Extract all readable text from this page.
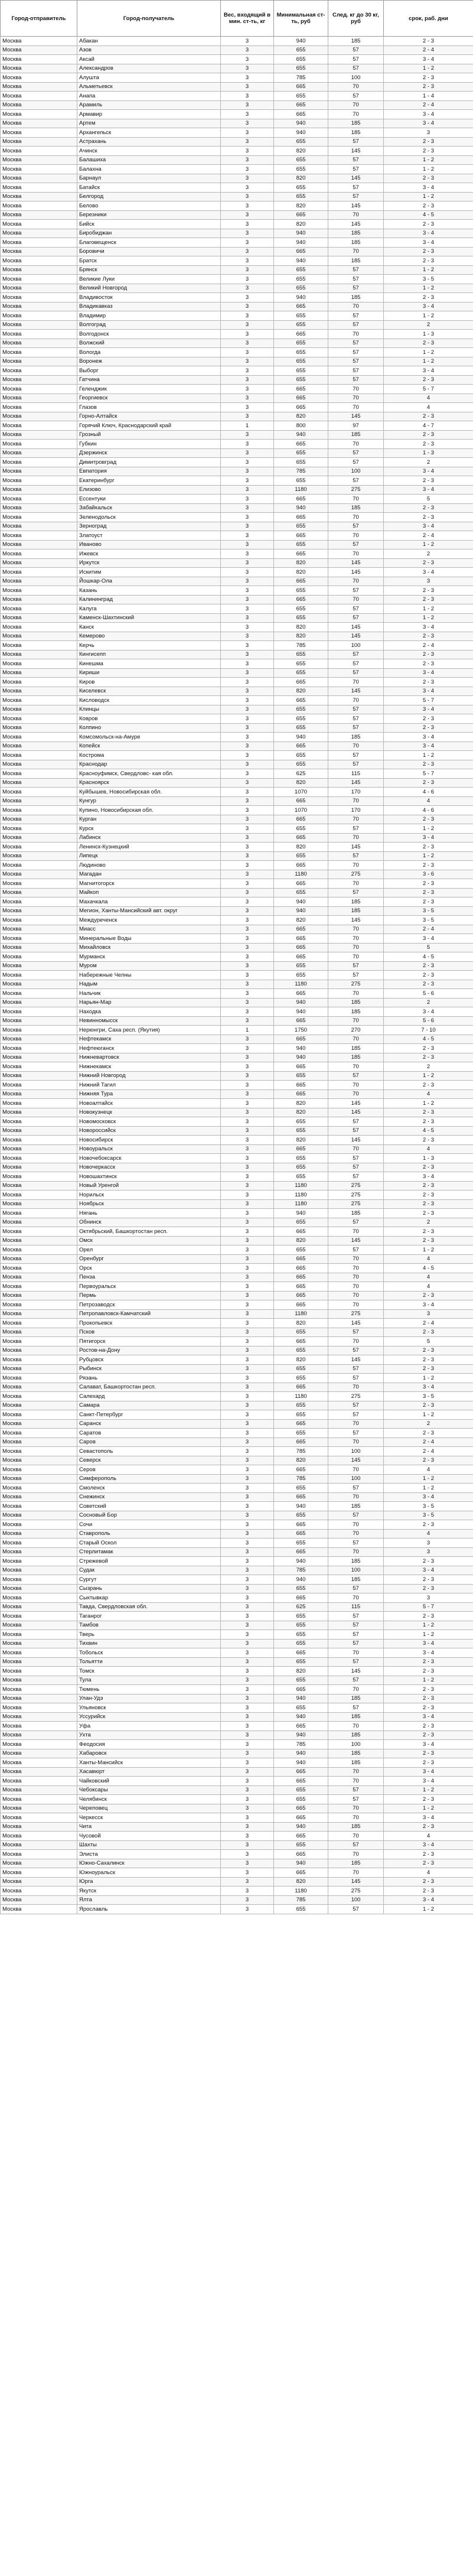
Город-отправитель	Город-получатель	Вес, входящий в мин. ст-ть, кг	Минимальная ст-ть, руб	След. кг до 30 кг, руб	срок, раб. дни
Москва	Абакан	3	940	185	2 - 3
Москва	Азов	3	655	57	2 - 4
Москва	Аксай	3	655	57	3 - 4
Москва	Александров	3	655	57	1 - 2
Москва	Алушта	3	785	100	2 - 3
Москва	Альметьевск	3	665	70	2 - 3
Москва	Анапа	3	655	57	1 - 4
Москва	Арамиль	3	665	70	2 - 4
Москва	Армавир	3	665	70	3 - 4
Москва	Артем	3	940	185	3 - 4
Москва	Архангельск	3	940	185	3
Москва	Астрахань	3	655	57	2 - 3
Москва	Ачинск	3	820	145	2 - 3
Москва	Балашиха	3	655	57	1 - 2
Москва	Балахна	3	655	57	1 - 2
Москва	Барнаул	3	820	145	2 - 3
Москва	Батайск	3	655	57	3 - 4
Москва	Белгород	3	655	57	1 - 2
Москва	Белово	3	820	145	2 - 3
Москва	Березники	3	665	70	4 - 5
Москва	Бийск	3	820	145	2 - 3
Москва	Биробиджан	3	940	185	3 - 4
Москва	Благовещенск	3	940	185	3 - 4
Москва	Боровичи	3	665	70	2 - 3
Москва	Братск	3	940	185	2 - 3
Москва	Брянск	3	655	57	1 - 2
Москва	Великие Луки	3	655	57	3 - 5
Москва	Великий Новгород	3	655	57	1 - 2
Москва	Владивосток	3	940	185	2 - 3
Москва	Владикавказ	3	665	70	3 - 4
Москва	Владимир	3	655	57	1 - 2
Москва	Волгоград	3	655	57	2
Москва	Волгодонск	3	665	70	1 - 3
Москва	Волжский	3	655	57	2 - 3
Москва	Вологда	3	655	57	1 - 2
Москва	Воронеж	3	655	57	1 - 2
Москва	Выборг	3	655	57	3 - 4
Москва	Гатчина	3	655	57	2 - 3
Москва	Геленджик	3	665	70	5 - 7
Москва	Георгиевск	3	665	70	4
Москва	Глазов	3	665	70	4
Москва	Горно-Алтайск	3	820	145	2 - 3
Москва	Горячий Ключ, Краснодарский край	1	800	97	4 - 7
Москва	Грозный	3	940	185	2 - 3
Москва	Губкин	3	665	70	2 - 3
Москва	Дзержинск	3	655	57	1 - 3
Москва	Димитровград	3	655	57	2
Москва	Евпатория	3	785	100	3 - 4
Москва	Екатеринбург	3	655	57	2 - 3
Москва	Елизово	3	1180	275	3 - 4
Москва	Ессентуки	3	665	70	5
Москва	Забайкальск	3	940	185	2 - 3
Москва	Зеленодольск	3	665	70	2 - 3
Москва	Зерноград	3	655	57	3 - 4
Москва	Златоуст	3	665	70	2 - 4
Москва	Иваново	3	655	57	1 - 2
Москва	Ижевск	3	665	70	2
Москва	Иркутск	3	820	145	2 - 3
Москва	Искитим	3	820	145	3 - 4
Москва	Йошкар-Ола	3	665	70	3
Москва	Казань	3	655	57	2 - 3
Москва	Калининград	3	665	70	2 - 3
Москва	Калуга	3	655	57	1 - 2
Москва	Каменск-Шахтинский	3	655	57	1 - 2
Москва	Канск	3	820	145	3 - 4
Москва	Кемерово	3	820	145	2 - 3
Москва	Керчь	3	785	100	2 - 4
Москва	Кингисепп	3	655	57	2 - 3
Москва	Кинешма	3	655	57	2 - 3
Москва	Кириши	3	655	57	3 - 4
Москва	Киров	3	665	70	2 - 3
Москва	Киселевск	3	820	145	3 - 4
Москва	Кисловодск	3	665	70	5 - 7
Москва	Клинцы	3	655	57	3 - 4
Москва	Ковров	3	655	57	2 - 3
Москва	Колпино	3	655	57	2 - 3
Москва	Комсомольск-на-Амуре	3	940	185	3 - 4
Москва	Копейск	3	665	70	3 - 4
Москва	Кострома	3	655	57	1 - 2
Москва	Краснодар	3	655	57	2 - 3
Москва	Красноуфимск, Свердловс- кая обл.	3	625	115	5 - 7
Москва	Красноярск	3	820	145	2 - 3
Москва	Куйбышев, Новосибирская обл.	3	1070	170	4 - 6
Москва	Кунгур	3	665	70	4
Москва	Купино, Новосибирская обл.	3	1070	170	4 - 6
Москва	Курган	3	665	70	2 - 3
Москва	Курск	3	655	57	1 - 2
Москва	Лабинск	3	665	70	3 - 4
Москва	Ленинск-Кузнецкий	3	820	145	2 - 3
Москва	Липецк	3	655	57	1 - 2
Москва	Людиново	3	665	70	2 - 3
Москва	Магадан	3	1180	275	3 - 6
Москва	Магнитогорск	3	665	70	2 - 3
Москва	Майкоп	3	655	57	2 - 3
Москва	Махачкала	3	940	185	2 - 3
Москва	Мегион, Ханты-Мансийский авт. округ	3	940	185	3 - 5
Москва	Междуреченск	3	820	145	3 - 5
Москва	Миасс	3	665	70	2 - 4
Москва	Минеральные Воды	3	665	70	3 - 4
Москва	Михайловск	3	665	70	5
Москва	Мурманск	3	665	70	4 - 5
Москва	Муром	3	655	57	2 - 3
Москва	Набережные Челны	3	655	57	2 - 3
Москва	Надым	3	1180	275	2 - 3
Москва	Нальчик	3	665	70	5 - 6
Москва	Нарьян-Мар	3	940	185	2
Москва	Находка	3	940	185	3 - 4
Москва	Невинномысск	3	665	70	5 - 6
Москва	Нерюнгри, Саха респ. (Якутия)	1	1750	270	7 - 10
Москва	Нефтекамск	3	665	70	4 - 5
Москва	Нефтеюганск	3	940	185	2 - 3
Москва	Нижневартовск	3	940	185	2 - 3
Москва	Нижнекамск	3	665	70	2
Москва	Нижний Новгород	3	655	57	1 - 2
Москва	Нижний Тагил	3	665	70	2 - 3
Москва	Нижняя Тура	3	665	70	4
Москва	Новоалтайск	3	820	145	1 - 2
Москва	Новокузнецк	3	820	145	2 - 3
Москва	Новомосковск	3	655	57	2 - 3
Москва	Новороссийск	3	655	57	4 - 5
Москва	Новосибирск	3	820	145	2 - 3
Москва	Новоуральск	3	665	70	4
Москва	Новочебоксарск	3	655	57	1 - 3
Москва	Новочеркасск	3	655	57	2 - 3
Москва	Новошахтинск	3	655	57	3 - 4
Москва	Новый Уренгой	3	1180	275	2 - 3
Москва	Норильск	3	1180	275	2 - 3
Москва	Ноябрьск	3	1180	275	2 - 3
Москва	Нягань	3	940	185	2 - 3
Москва	Обнинск	3	655	57	2
Москва	Октябрьский, Башкортостан респ.	3	665	70	2 - 3
Москва	Омск	3	820	145	2 - 3
Москва	Орел	3	655	57	1 - 2
Москва	Оренбург	3	665	70	4
Москва	Орск	3	665	70	4 - 5
Москва	Пенза	3	665	70	4
Москва	Первоуральск	3	665	70	4
Москва	Пермь	3	665	70	2 - 3
Москва	Петрозаводск	3	665	70	3 - 4
Москва	Петропавловск-Камчатский	3	1180	275	3
Москва	Прокопьевск	3	820	145	2 - 4
Москва	Псков	3	655	57	2 - 3
Москва	Пятигорск	3	665	70	5
Москва	Ростов-на-Дону	3	655	57	2 - 3
Москва	Рубцовск	3	820	145	2 - 3
Москва	Рыбинск	3	655	57	2 - 3
Москва	Рязань	3	655	57	1 - 2
Москва	Салават, Башкортостан респ.	3	665	70	3 - 4
Москва	Салехард	3	1180	275	3 - 5
Москва	Самара	3	655	57	2 - 3
Москва	Санкт-Петербург	3	655	57	1 - 2
Москва	Саранск	3	665	70	2
Москва	Саратов	3	655	57	2 - 3
Москва	Саров	3	665	70	2 - 4
Москва	Севастополь	3	785	100	2 - 4
Москва	Северск	3	820	145	2 - 3
Москва	Серов	3	665	70	4
Москва	Симферополь	3	785	100	1 - 2
Москва	Смоленск	3	655	57	1 - 2
Москва	Снежинск	3	665	70	3 - 4
Москва	Советский	3	940	185	3 - 5
Москва	Сосновый Бор	3	655	57	3 - 5
Москва	Сочи	3	665	70	2 - 3
Москва	Ставрополь	3	665	70	4
Москва	Старый Оскол	3	655	57	3
Москва	Стерлитамак	3	665	70	3
Москва	Стрежевой	3	940	185	2 - 3
Москва	Судак	3	785	100	3 - 4
Москва	Сургут	3	940	185	2 - 3
Москва	Сызрань	3	655	57	2 - 3
Москва	Сыктывкар	3	665	70	3
Москва	Тавда, Свердловская обл.	3	625	115	5 - 7
Москва	Таганрог	3	655	57	2 - 3
Москва	Тамбов	3	655	57	1 - 2
Москва	Тверь	3	655	57	1 - 2
Москва	Тихвин	3	655	57	3 - 4
Москва	Тобольск	3	665	70	3 - 4
Москва	Тольятти	3	655	57	2 - 3
Москва	Томск	3	820	145	2 - 3
Москва	Тула	3	655	57	1 - 2
Москва	Тюмень	3	665	70	2 - 3
Москва	Улан-Удэ	3	940	185	2 - 3
Москва	Ульяновск	3	655	57	2 - 3
Москва	Уссурийск	3	940	185	3 - 4
Москва	Уфа	3	665	70	2 - 3
Москва	Ухта	3	940	185	2 - 3
Москва	Феодосия	3	785	100	3 - 4
Москва	Хабаровск	3	940	185	2 - 3
Москва	Ханты-Мансийск	3	940	185	2 - 3
Москва	Хасавюрт	3	665	70	3 - 4
Москва	Чайковский	3	665	70	3 - 4
Москва	Чебоксары	3	655	57	1 - 2
Москва	Челябинск	3	655	57	2 - 3
Москва	Череповец	3	665	70	1 - 2
Москва	Черкесск	3	665	70	3 - 4
Москва	Чита	3	940	185	2 - 3
Москва	Чусовой	3	665	70	4
Москва	Шахты	3	655	57	3 - 4
Москва	Элиста	3	665	70	2 - 3
Москва	Южно-Сахалинск	3	940	185	2 - 3
Москва	Южноуральск	3	665	70	4
Москва	Юрга	3	820	145	2 - 3
Москва	Якутск	3	1180	275	2 - 3
Москва	Ялта	3	785	100	3 - 4
Москва	Ярославль	3	655	57	1 - 2
